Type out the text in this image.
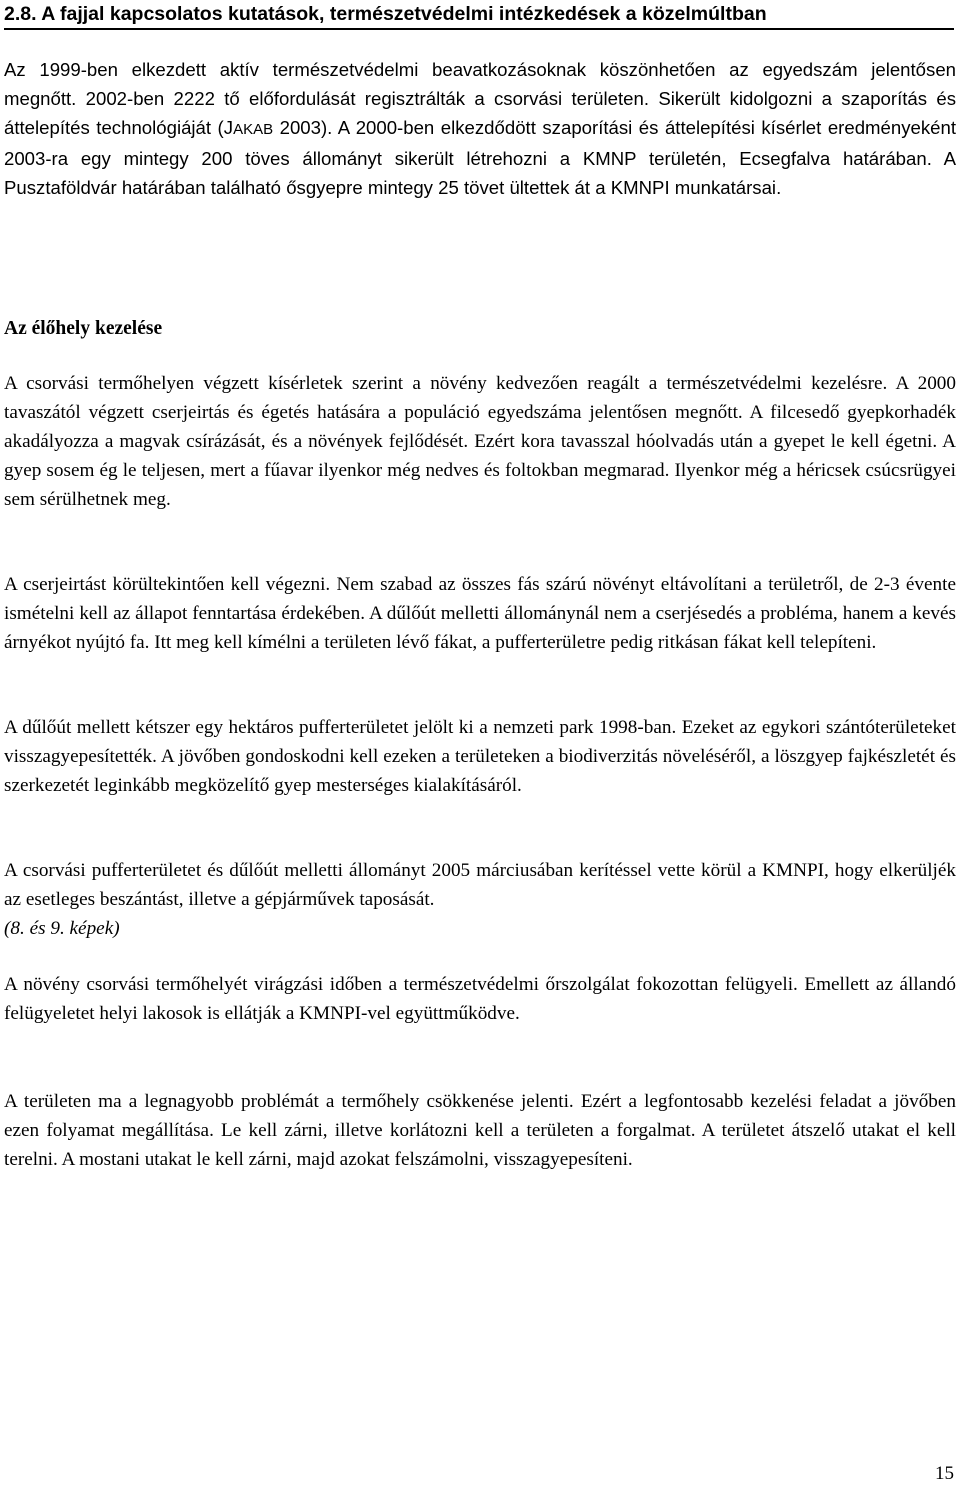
2.8. A fajjal kapcsolatos kutatások, természetvédelmi intézkedések a közelmúltban
Az 1999-ben elkezdett aktív természetvédelmi beavatkozásoknak köszönhetően az egyedszám jelentősen megnőtt. 2002-ben 2222 tő előfordulását regisztrálták a csorvási területen. Sikerült kidolgozni a szaporítás és áttelepítés technológiáját (JAKAB 2003). A 2000-ben elkezdődött szaporítási és áttelepítési kísérlet eredményeként 2003-ra egy mintegy 200 töves állományt sikerült létrehozni a KMNP területén, Ecsegfalva határában. A Pusztaföldvár határában található ősgyepre mintegy 25 tövet ültettek át a KMNPI munkatársai.
Az élőhely kezelése

A csorvási termőhelyen végzett kísérletek szerint a növény kedvezően reagált a természetvédelmi kezelésre. A 2000 tavaszától végzett cserjeirtás és égetés hatására a populáció egyedszáma jelentősen megnőtt. A filcesedő gyepkorhadék akadályozza a magvak csírázását, és a növények fejlődését. Ezért kora tavasszal hóolvadás után a gyepet le kell égetni. A gyep sosem ég le teljesen, mert a fűavar ilyenkor még nedves és foltokban megmarad. Ilyenkor még a héricsek csúcsrügyei sem sérülhetnek meg.

A cserjeirtást körültekintően kell végezni. Nem szabad az összes fás szárú növényt eltávolítani a területről, de 2-3 évente ismételni kell az állapot fenntartása érdekében. A dűlőút melletti állománynál nem a cserjésedés a probléma, hanem a kevés árnyékot nyújtó fa. Itt meg kell kímélni a területen lévő fákat, a pufferterületre pedig ritkásan fákat kell telepíteni.

A dűlőút mellett kétszer egy hektáros pufferterületet jelölt ki a nemzeti park 1998-ban. Ezeket az egykori szántóterületeket visszagyepesítették. A jövőben gondoskodni kell ezeken a területeken a biodiverzitás növeléséről, a löszgyep fajkészletét és szerkezetét leginkább megközelítő gyep mesterséges kialakításáról.

A csorvási pufferterületet és dűlőút melletti állományt 2005 márciusában kerítéssel vette körül a KMNPI, hogy elkerüljék az esetleges beszántást, illetve a gépjárművek taposását.
(8. és 9. képek)

A növény csorvási termőhelyét virágzási időben a természetvédelmi őrszolgálat fokozottan felügyeli. Emellett az állandó felügyeletet helyi lakosok is ellátják a KMNPI-vel együttműködve.

A területen ma a legnagyobb problémát a termőhely csökkenése jelenti. Ezért a legfontosabb kezelési feladat a jövőben ezen folyamat megállítása. Le kell zárni, illetve korlátozni kell a területen a forgalmat. A területet átszelő utakat el kell terelni. A mostani utakat le kell zárni, majd azokat felszámolni, visszagyepesíteni.

15
